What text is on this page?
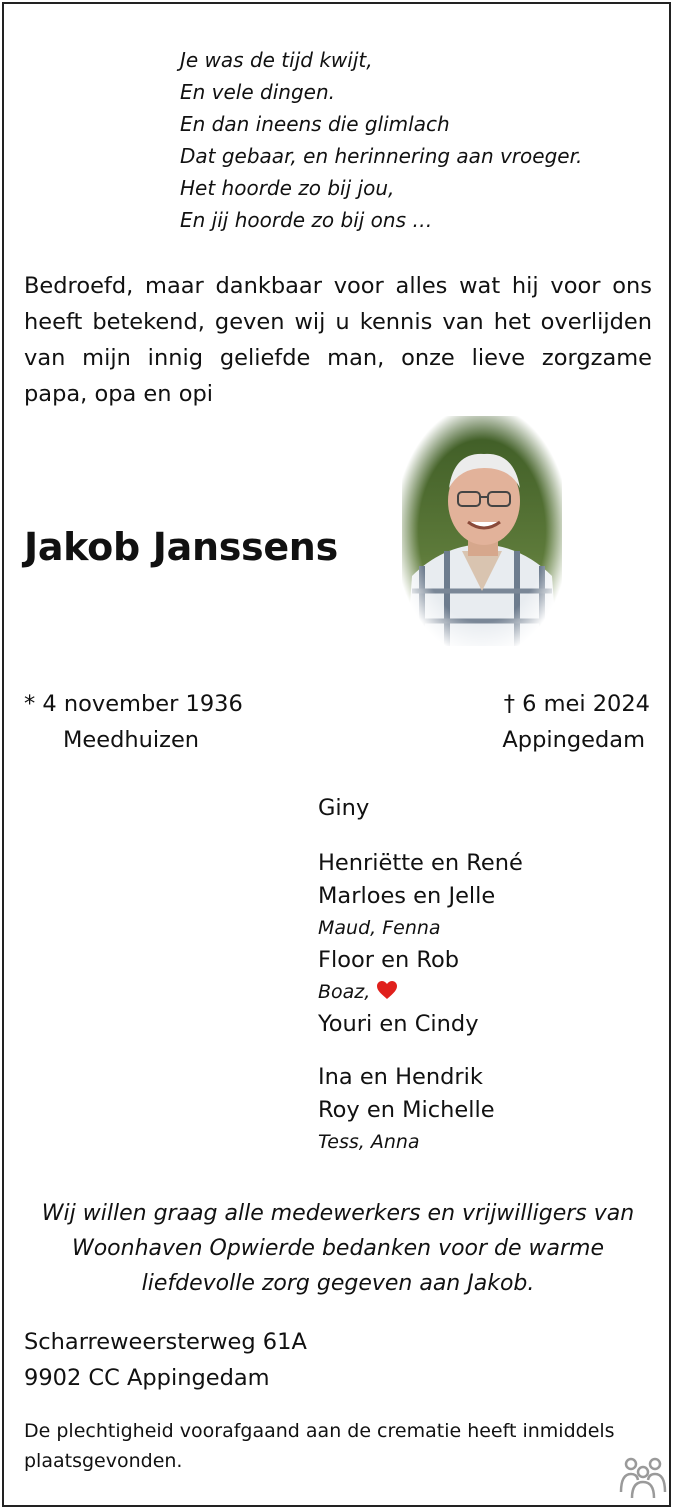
Je was de tijd kwijt,
En vele dingen.
En dan ineens die glimlach
Dat gebaar, en herinnering aan vroeger.
Het hoorde zo bij jou,
En jij hoorde zo bij ons …
Bedroefd, maar dankbaar voor alles wat hij voor ons
heeft betekend, geven wij u kennis van het overlijden
van mijn innig geliefde man, onze lieve zorgzame
papa, opa en opi
Jakob Janssens
* 4 november 1936
Meedhuizen
† 6 mei 2024
Appingedam
Giny
Henriëtte en René
Marloes en Jelle
Maud, Fenna
Floor en Rob
Boaz,
Youri en Cindy
Ina en Hendrik
Roy en Michelle
Tess, Anna
Wij willen graag alle medewerkers en vrijwilligers van
Woonhaven Opwierde bedanken voor de warme
liefdevolle zorg gegeven aan Jakob.
Scharreweersterweg 61A
9902 CC Appingedam
De plechtigheid voorafgaand aan de crematie heeft inmiddels
plaatsgevonden.
